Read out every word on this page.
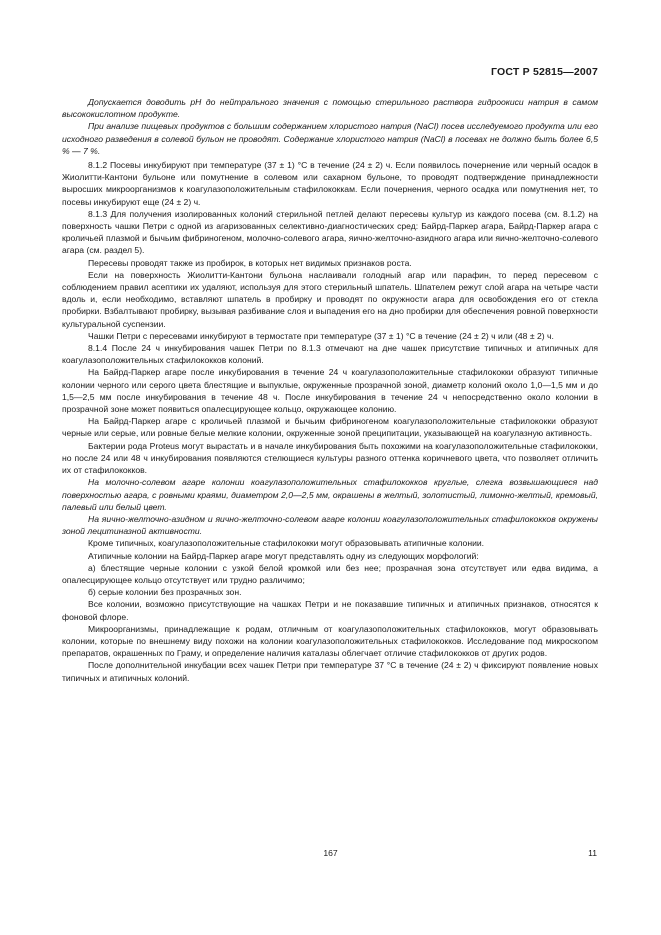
ГОСТ Р 52815—2007

Допускается доводить рН до нейтрального значения с помощью стерильного раствора гидроокиси натрия в самом высококислотном продукте.

При анализе пищевых продуктов с большим содержанием хлористого натрия (NaCl) посев исследуемого продукта или его исходного разведения в солевой бульон не проводят. Содержание хлористого натрия (NaCl) в посевах не должно быть более 6,5 % — 7 %.

8.1.2 Посевы инкубируют при температуре (37 ± 1) °С в течение (24 ± 2) ч. Если появилось почернение или черный осадок в Жиолитти-Кантони бульоне или помутнение в солевом или сахарном бульоне, то проводят подтверждение принадлежности выросших микроорганизмов к коагулазоположительным стафилококкам. Если почернения, черного осадка или помутнения нет, то посевы инкубируют еще (24 ± 2) ч.

8.1.3 Для получения изолированных колоний стерильной петлей делают пересевы культур из каждого посева (см. 8.1.2) на поверхность чашки Петри с одной из агаризованных селективно-диагностических сред: Байрд-Паркер агара, Байрд-Паркер агара с кроличьей плазмой и бычьим фибриногеном, молочно-солевого агара, яично-желточно-азидного агара или яично-желточно-солевого агара (см. раздел 5).

Пересевы проводят также из пробирок, в которых нет видимых признаков роста.

Если на поверхность Жиолитти-Кантони бульона наслаивали голодный агар или парафин, то перед пересевом с соблюдением правил асептики их удаляют, используя для этого стерильный шпатель. Шпателем режут слой агара на четыре части вдоль и, если необходимо, вставляют шпатель в пробирку и проводят по окружности агара для освобождения его от стекла пробирки. Взбалтывают пробирку, вызывая разбивание слоя и выпадения его на дно пробирки для обеспечения ровной поверхности культуральной суспензии.

Чашки Петри с пересевами инкубируют в термостате при температуре (37 ± 1) °С в течение (24 ± 2) ч или (48 ± 2) ч.

8.1.4 После 24 ч инкубирования чашек Петри по 8.1.3 отмечают на дне чашек присутствие типичных и атипичных для коагулазоположительных стафилококков колоний.

На Байрд-Паркер агаре после инкубирования в течение 24 ч коагулазоположительные стафилококки образуют типичные колонии черного или серого цвета блестящие и выпуклые, окруженные прозрачной зоной, диаметр колоний около 1,0—1,5 мм и до 1,5—2,5 мм после инкубирования в течение 48 ч. После инкубирования в течение 24 ч непосредственно около колонии в прозрачной зоне может появиться опалесцирующее кольцо, окружающее колонию.

На Байрд-Паркер агаре с кроличьей плазмой и бычьим фибриногеном коагулазоположительные стафилококки образуют черные или серые, или ровные белые мелкие колонии, окруженные зоной преципитации, указывающей на коагулазную активность.

Бактерии рода Proteus могут вырастать и в начале инкубирования быть похожими на коагулазоположительные стафилококки, но после 24 или 48 ч инкубирования появляются стелющиеся культуры разного оттенка коричневого цвета, что позволяет отличить их от стафилококков.

На молочно-солевом агаре колонии коагулазоположительных стафилококков круглые, слегка возвышающиеся над поверхностью агара, с ровными краями, диаметром 2,0—2,5 мм, окрашены в желтый, золотистый, лимонно-желтый, кремовый, палевый или белый цвет.

На яично-желточно-азидном и яично-желточно-солевом агаре колонии коагулазоположительных стафилококков окружены зоной лецитиназной активности.

Кроме типичных, коагулазоположительные стафилококки могут образовывать атипичные колонии.

Атипичные колонии на Байрд-Паркер агаре могут представлять одну из следующих морфологий:

а) блестящие черные колонии с узкой белой кромкой или без нее; прозрачная зона отсутствует или едва видима, а опалесцирующее кольцо отсутствует или трудно различимо;

б) серые колонии без прозрачных зон.

Все колонии, возможно присутствующие на чашках Петри и не показавшие типичных и атипичных признаков, относятся к фоновой флоре.

Микроорганизмы, принадлежащие к родам, отличным от коагулазоположительных стафилококков, могут образовывать колонии, которые по внешнему виду похожи на колонии коагулазоположительных стафилококков. Исследование под микроскопом препаратов, окрашенных по Граму, и определение наличия каталазы облегчает отличие стафилококков от других родов.

После дополнительной инкубации всех чашек Петри при температуре 37 °С в течение (24 ± 2) ч фиксируют появление новых типичных и атипичных колоний.

167	11
